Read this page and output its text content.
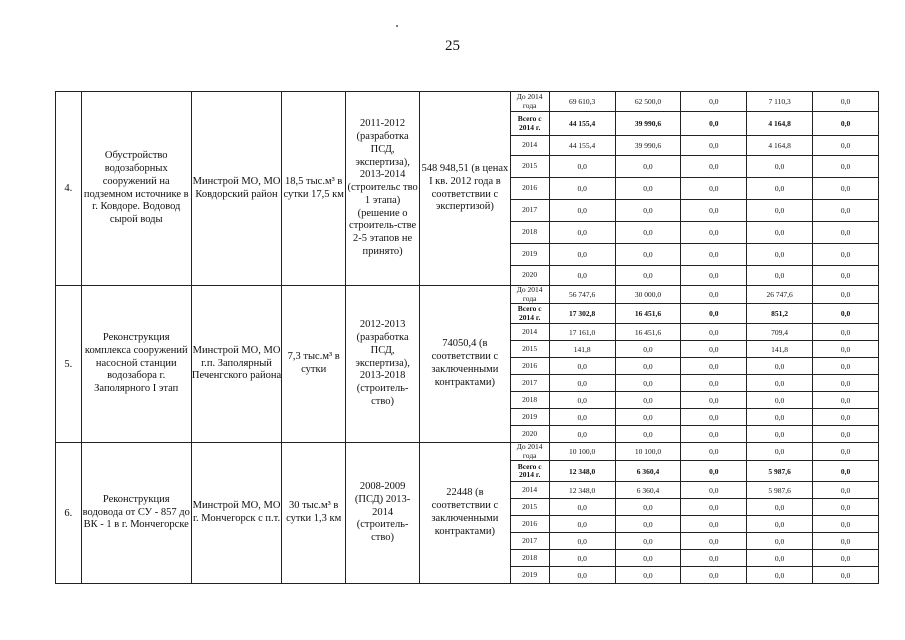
25
4.	Обустройство водозаборных сооружений на подземном источнике в г. Ковдоре. Водовод сырой воды	Минстрой МО, МО Ковдорский район	18,5 тыс.м³ в сутки 17,5 км	2011-2012 (разработка ПСД, экспертиза), 2013-2014 (строительс тво 1 этапа) (решение о строитель-стве 2-5 этапов не принято)	548 948,51 (в ценах I кв. 2012 года в соответствии с экспертизой)	До 2014 года	69 610,3	62 500,0	0,0	7 110,3	0,0
						Всего с 2014 г.	44 155,4	39 990,6	0,0	4 164,8	0,0
						2014	44 155,4	39 990,6	0,0	4 164,8	0,0
						2015	0,0	0,0	0,0	0,0	0,0
						2016	0,0	0,0	0,0	0,0	0,0
						2017	0,0	0,0	0,0	0,0	0,0
						2018	0,0	0,0	0,0	0,0	0,0
						2019	0,0	0,0	0,0	0,0	0,0
						2020	0,0	0,0	0,0	0,0	0,0
5.	Реконструкция комплекса сооружений насосной станции водозабора г. Заполярного I этап	Минстрой МО, МО г.п. Заполярный Печенгского района	7,3 тыс.м³ в сутки	2012-2013 (разработка ПСД, экспертиза), 2013-2018 (строитель-ство)	74050,4 (в соответствии с заключенными контрактами)	До 2014 года	56 747,6	30 000,0	0,0	26 747,6	0,0
						Всего с 2014 г.	17 302,8	16 451,6	0,0	851,2	0,0
						2014	17 161,0	16 451,6	0,0	709,4	0,0
						2015	141,8	0,0	0,0	141,8	0,0
						2016	0,0	0,0	0,0	0,0	0,0
						2017	0,0	0,0	0,0	0,0	0,0
						2018	0,0	0,0	0,0	0,0	0,0
						2019	0,0	0,0	0,0	0,0	0,0
						2020	0,0	0,0	0,0	0,0	0,0
6.	Реконструкция водовода от СУ - 857 до ВК - 1 в г. Мончегорске	Минстрой МО, МО г. Мончегорск с п.т.	30 тыс.м³ в сутки 1,3 км	2008-2009 (ПСД) 2013-2014 (строитель-ство)	22448 (в соответствии с заключенными контрактами)	До 2014 года	10 100,0	10 100,0	0,0	0,0	0,0
						Всего с 2014 г.	12 348,0	6 360,4	0,0	5 987,6	0,0
						2014	12 348,0	6 360,4	0,0	5 987,6	0,0
						2015	0,0	0,0	0,0	0,0	0,0
						2016	0,0	0,0	0,0	0,0	0,0
						2017	0,0	0,0	0,0	0,0	0,0
						2018	0,0	0,0	0,0	0,0	0,0
						2019	0,0	0,0	0,0	0,0	0,0
